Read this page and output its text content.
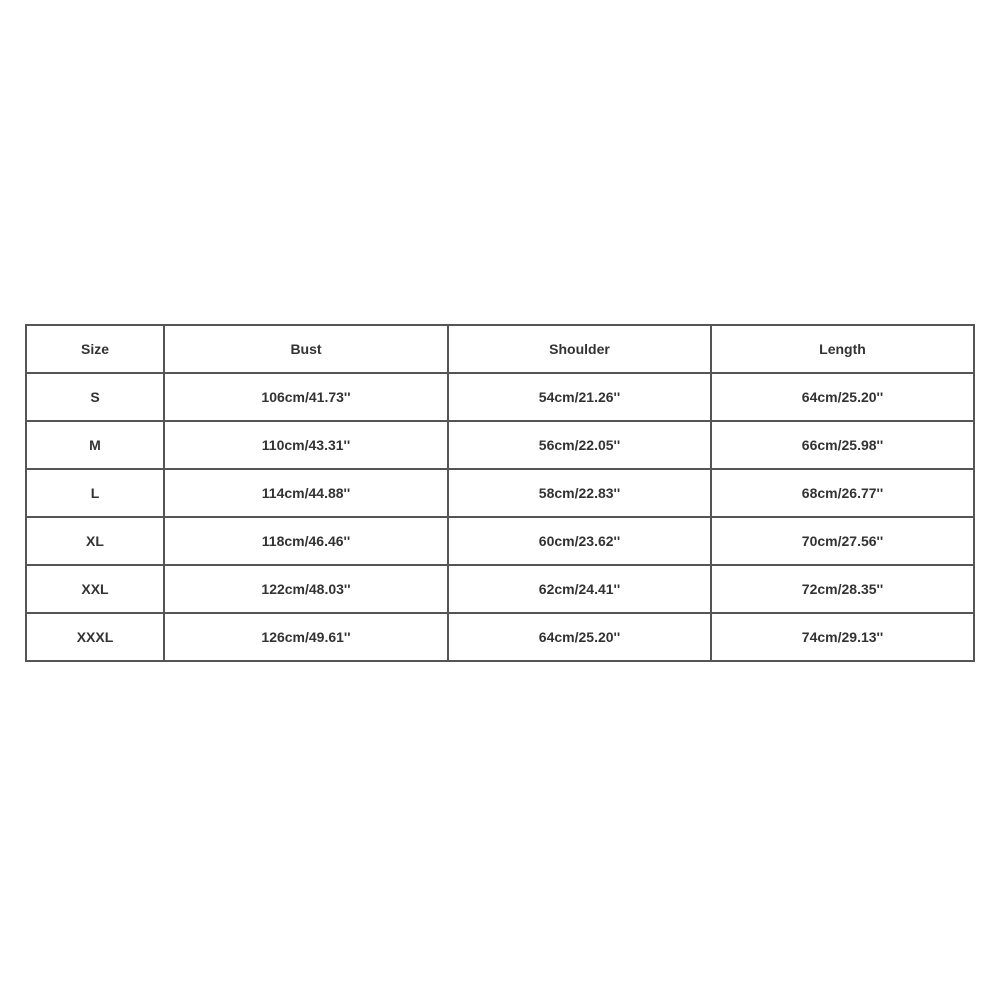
Size	Bust	Shoulder	Length
S	106cm/41.73''	54cm/21.26''	64cm/25.20''
M	110cm/43.31''	56cm/22.05''	66cm/25.98''
L	114cm/44.88''	58cm/22.83''	68cm/26.77''
XL	118cm/46.46''	60cm/23.62''	70cm/27.56''
XXL	122cm/48.03''	62cm/24.41''	72cm/28.35''
XXXL	126cm/49.61''	64cm/25.20''	74cm/29.13''
